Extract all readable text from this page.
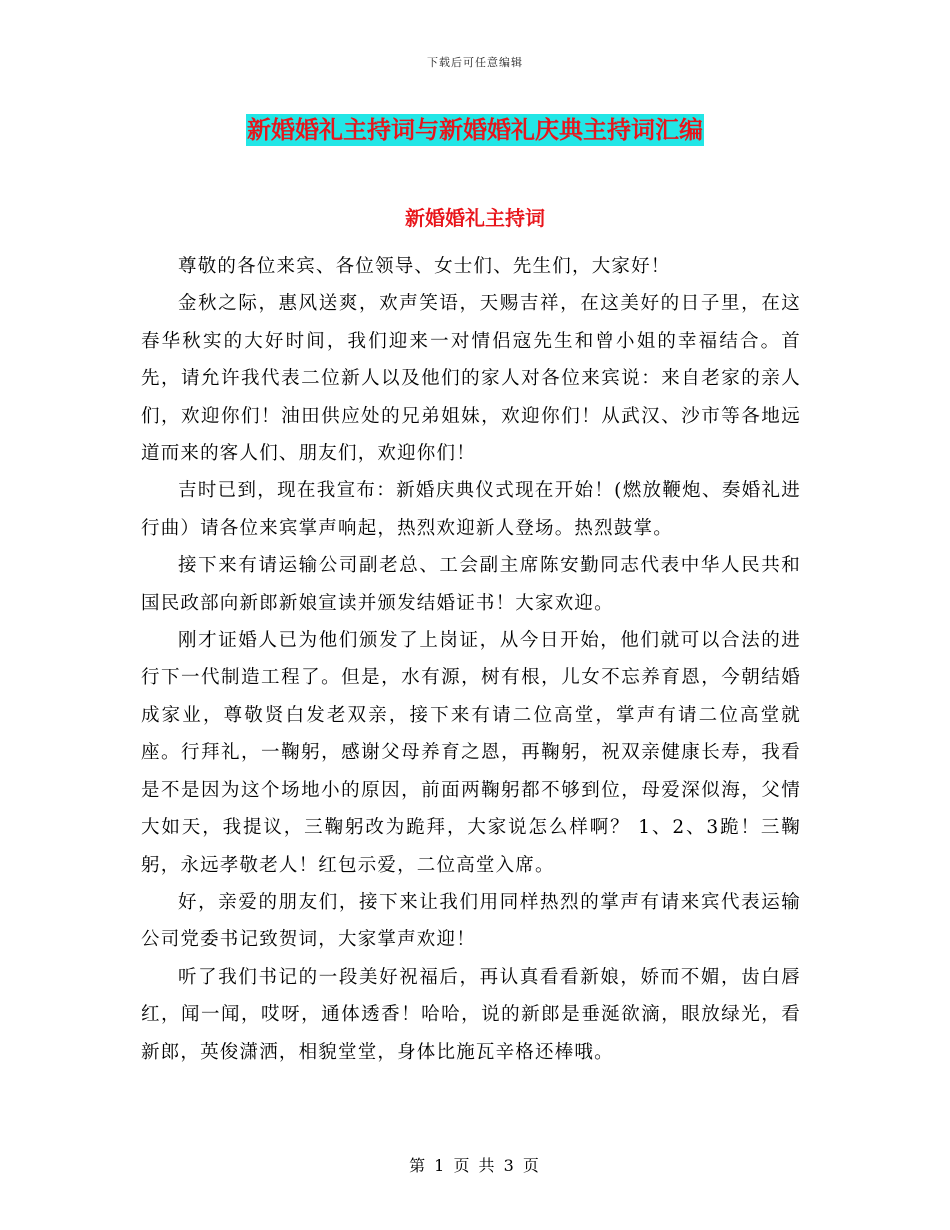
下载后可任意编辑
新婚婚礼主持词与新婚婚礼庆典主持词汇编
新婚婚礼主持词

尊敬的各位来宾、各位领导、女士们、先生们，大家好！

金秋之际，惠风送爽，欢声笑语，天赐吉祥，在这美好的日子里，在这春华秋实的大好时间，我们迎来一对情侣寇先生和曾小姐的幸福结合。首先，请允许我代表二位新人以及他们的家人对各位来宾说：来自老家的亲人们，欢迎你们！油田供应处的兄弟姐妹，欢迎你们！从武汉、沙市等各地远道而来的客人们、朋友们，欢迎你们！

吉时已到，现在我宣布：新婚庆典仪式现在开始！(燃放鞭炮、奏婚礼进行曲）请各位来宾掌声响起，热烈欢迎新人登场。热烈鼓掌。

接下来有请运输公司副老总、工会副主席陈安勤同志代表中华人民共和国民政部向新郎新娘宣读并颁发结婚证书！大家欢迎。

刚才证婚人已为他们颁发了上岗证，从今日开始，他们就可以合法的进行下一代制造工程了。但是，水有源，树有根，儿女不忘养育恩，今朝结婚成家业，尊敬贤白发老双亲，接下来有请二位高堂，掌声有请二位高堂就座。行拜礼，一鞠躬，感谢父母养育之恩，再鞠躬，祝双亲健康长寿，我看是不是因为这个场地小的原因，前面两鞠躬都不够到位，母爱深似海，父情大如天，我提议，三鞠躬改为跪拜，大家说怎么样啊？ 1、2、3跪！三鞠躬，永远孝敬老人！红包示爱，二位高堂入席。

好，亲爱的朋友们，接下来让我们用同样热烈的掌声有请来宾代表运输公司党委书记致贺词，大家掌声欢迎！

听了我们书记的一段美好祝福后，再认真看看新娘，娇而不媚，齿白唇红，闻一闻，哎呀，通体透香！哈哈，说的新郎是垂涎欲滴，眼放绿光，看新郎，英俊潇洒，相貌堂堂，身体比施瓦辛格还棒哦。

第 1 页 共 3 页
